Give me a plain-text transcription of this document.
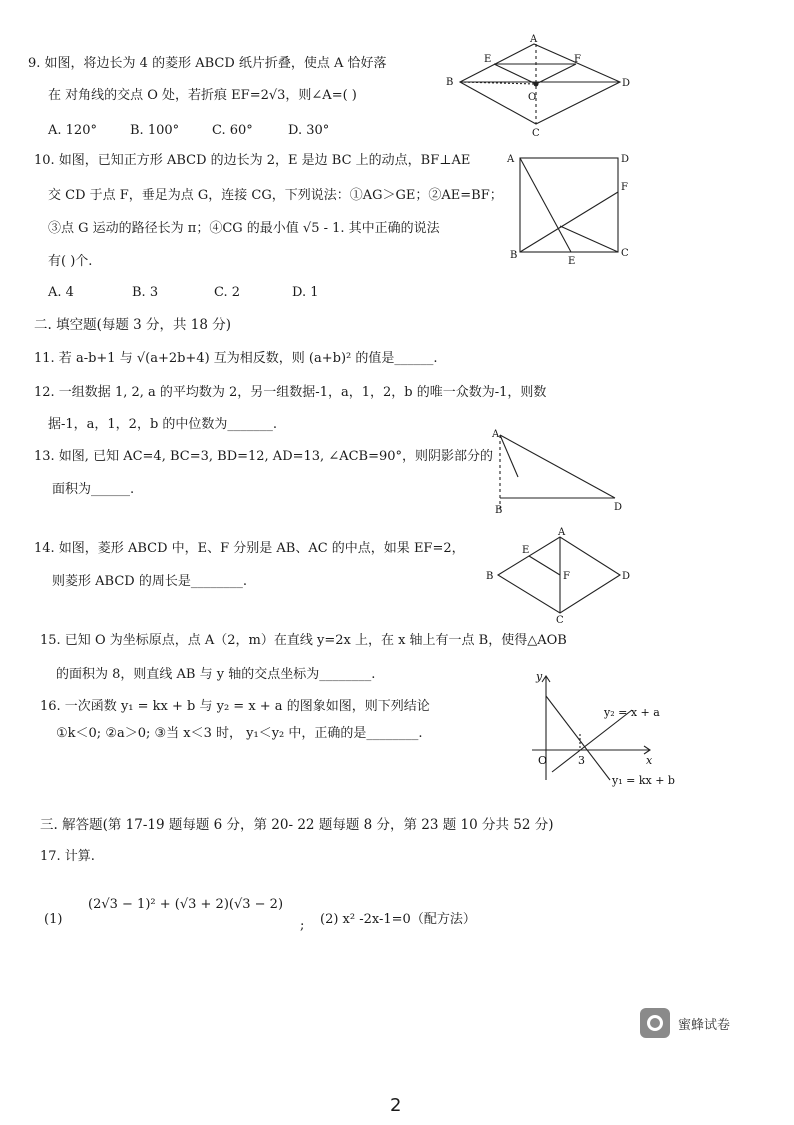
9. 如图，将边长为 4 的菱形 ABCD 纸片折叠，使点 A 恰好落
在 对角线的交点 O 处，若折痕 EF=2√3，则∠A=( )
A. 120°	B. 100°	C. 60°	D. 30°
A
E	F
B
O
D
C
10. 如图，已知正方形 ABCD 的边长为 2，E 是边 BC 上的动点，BF⊥AE
交 CD 于点 F，垂足为点 G，连接 CG，下列说法：①AG＞GE；②AE=BF；
③点 G 运动的路径长为 π；④CG 的最小值 √5 - 1. 其中正确的说法
有( )个.
A. 4	B. 3	C. 2	D. 1
A	D
F
B
E
C
二. 填空题(每题 3 分，共 18 分)
11. 若 a-b+1 与 √(a+2b+4) 互为相反数，则 (a+b)² 的值是______.
12. 一组数据 1, 2, a 的平均数为 2，另一组数据-1，a，1，2，b 的唯一众数为-1，则数
据-1，a，1，2，b 的中位数为_______.
13. 如图, 已知 AC=4, BC=3, BD=12, AD=13, ∠ACB=90°，则阴影部分的
面积为______.
A
B	D
14. 如图，菱形 ABCD 中，E、F 分别是 AB、AC 的中点，如果 EF=2，
则菱形 ABCD 的周长是________.
A
E
F
B	D
C
15. 已知 O 为坐标原点，点 A（2，m）在直线 y=2x 上，在 x 轴上有一点 B，使得△AOB
的面积为 8，则直线 AB 与 y 轴的交点坐标为________.
16. 一次函数 y₁ = kx + b 与 y₂ = x + a 的图象如图，则下列结论
①k＜0; ②a＞0; ③当 x＜3 时， y₁＜y₂ 中，正确的是________.
y
y₂ = x + a
O	3	x
y₁ = kx + b
三. 解答题(第 17-19 题每题 6 分，第 20- 22 题每题 8 分，第 23 题 10 分共 52 分)
17. 计算.
(1)
(2√3 − 1)² + (√3 + 2)(√3 − 2)
; (2) x² -2x-1=0（配方法）
蜜蜂试卷
2
